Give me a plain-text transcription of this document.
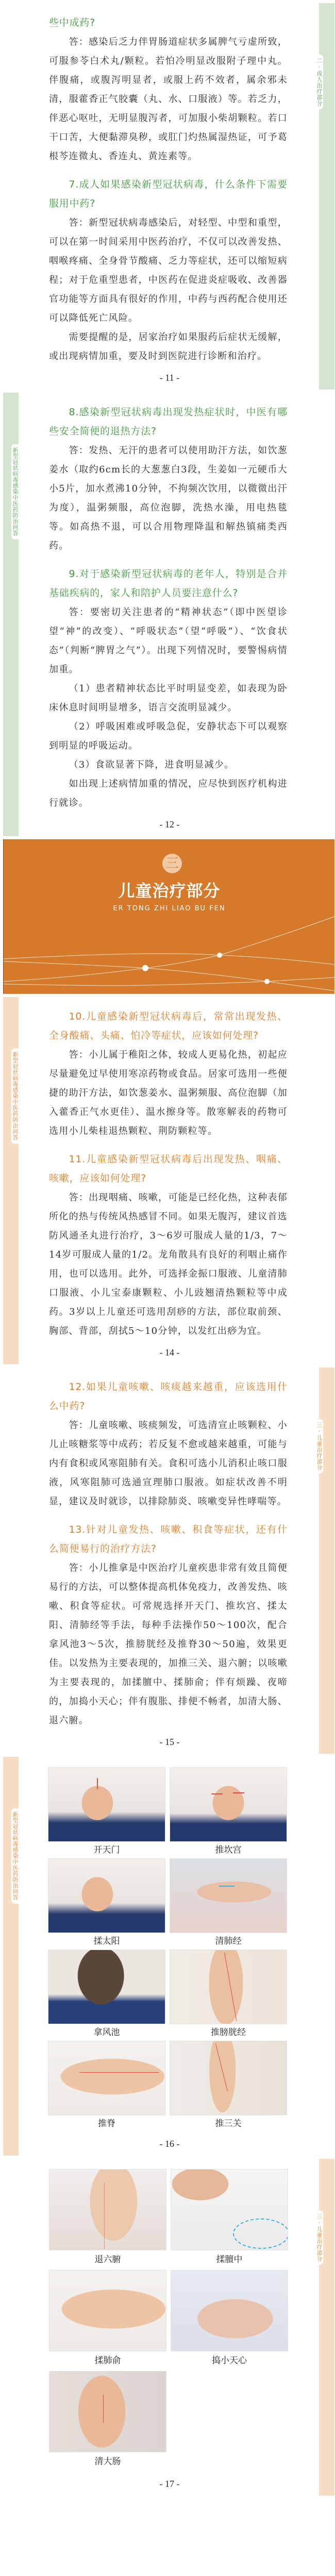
二·成人治疗部分
些中成药?

答：感染后乏力伴胃肠道症状多属脾气亏虚所致，可服参苓白术丸/颗粒。若怕冷明显改服附子理中丸。伴腹痛，或腹泻明显者，或服上药不效者，属余邪未清，服藿香正气胶囊（丸、水、口服液）等。若乏力，伴恶心呕吐，无明显腹泻者，可加服小柴胡颗粒。若口干口苦，大便黏滞臭秽，或肛门灼热属湿热证，可予葛根芩连微丸、香连丸、黄连素等。

7.成人如果感染新型冠状病毒，什么条件下需要服用中药?

答：新型冠状病毒感染后，对轻型、中型和重型，可以在第一时间采用中医药治疗，不仅可以改善发热、咽喉疼痛、全身骨节酸痛、乏力等症状，还可以缩短病程；对于危重型患者，中医药在促进炎症吸收、改善器官功能等方面具有很好的作用，中药与西药配合使用还可以降低死亡风险。

需要提醒的是，居家治疗如果服药后症状无缓解，或出现病情加重，要及时到医院进行诊断和治疗。

- 11 -
新型冠状病毒感染中医药防治问答
8.感染新型冠状病毒出现发热症状时，中医有哪些安全简便的退热方法?

答：发热、无汗的患者可以使用助汗方法，如饮葱姜水（取约6cm长的大葱葱白3段，生姜如一元硬币大小5片，加水煮沸10分钟，不拘频次饮用，以微微出汗为度），温粥频服，高位泡脚，洗热水澡，用电热毯等。如高热不退，可以合用物理降温和解热镇痛类西药。

9.对于感染新型冠状病毒的老年人，特别是合并基础疾病的，家人和陪护人员要注意什么?

答：要密切关注患者的“精神状态”（即中医望诊望“神”的改变）、“呼吸状态”（望“呼吸”）、“饮食状态”（判断“脾胃之气”）。出现下列情况时，要警惕病情加重。

（1）患者精神状态比平时明显变差，如表现为卧床休息时间明显增多，语言交流明显减少。

（2）呼吸困难或呼吸急促，安静状态下可以观察到明显的呼吸运动。

（3）食欲显著下降，进食明显减少。

如出现上述病情加重的情况，应尽快到医疗机构进行就诊。

- 12 -
三
儿童治疗部分
ER TONG ZHI LIAO BU FEN
新型冠状病毒感染中医药防治问答
10.儿童感染新型冠状病毒后，常常出现发热、全身酸痛、头痛、怕冷等症状，应该如何处理?

答：小儿属于稚阳之体，较成人更易化热，初起应尽量避免过早使用寒凉药物或食品。居家可选用一些便捷的助汗方法，如饮葱姜水、温粥频服、高位泡脚（加入藿香正气水更佳）、温水擦身等。散寒解表的药物可选用小儿柴桂退热颗粒、荆防颗粒等。

11.儿童感染新型冠状病毒后出现发热、咽痛、咳嗽，应该如何处理?

答：出现咽痛、咳嗽，可能是已经化热，这种表郁所化的热与传统风热感冒不同。如果无腹泻，建议首选防风通圣丸进行治疗，3～6岁可服成人量的1/3，7～14岁可服成人量的1/2。龙角散具有良好的利咽止痛作用，也可以选用。此外，可选择金振口服液、儿童清肺口服液、小儿宝泰康颗粒、小儿豉翘清热颗粒等中成药。3岁以上儿童还可选用刮痧的方法，部位取前颈、胸部、背部，刮拭5～10分钟，以发红出痧为宜。

- 14 -
三·儿童治疗部分
12.如果儿童咳嗽、咳痰越来越重，应该选用什么中药?

答：儿童咳嗽、咳痰频发，可选清宣止咳颗粒、小儿止咳糖浆等中成药；若反复不愈或越来越重，可能与内有食积或风寒阻肺有关。食积可选小儿消积止咳口服液，风寒阻肺可选通宣理肺口服液。如症状改善不明显，建议及时就诊，以排除肺炎、咳嗽变异性哮喘等。

13.针对儿童发热、咳嗽、积食等症状，还有什么简便易行的治疗方法?

答：小儿推拿是中医治疗儿童疾患非常有效且简便易行的方法，可以整体提高机体免疫力，改善发热、咳嗽、积食等症状。可常规选择开天门、推坎宫、揉太阳、清肺经等手法，每种手法操作50～100次，配合拿风池3～5次，推膀胱经及推脊30～50遍，效果更佳。以发热为主要表现的，加推三关、退六腑；以咳嗽为主要表现的，加揉膻中、揉肺俞；伴有烦躁、夜啼的，加捣小天心；伴有腹胀、排便不畅者，加清大肠、退六腑。

- 15 -
新型冠状病毒感染中医药防治问答	开天门	推坎宫
揉太阳	清肺经
拿风池	推膀胱经
推脊	推三关
- 16 -
三·儿童治疗部分
退六腑	揉膻中
揉肺俞	捣小天心
清大肠
- 17 -
